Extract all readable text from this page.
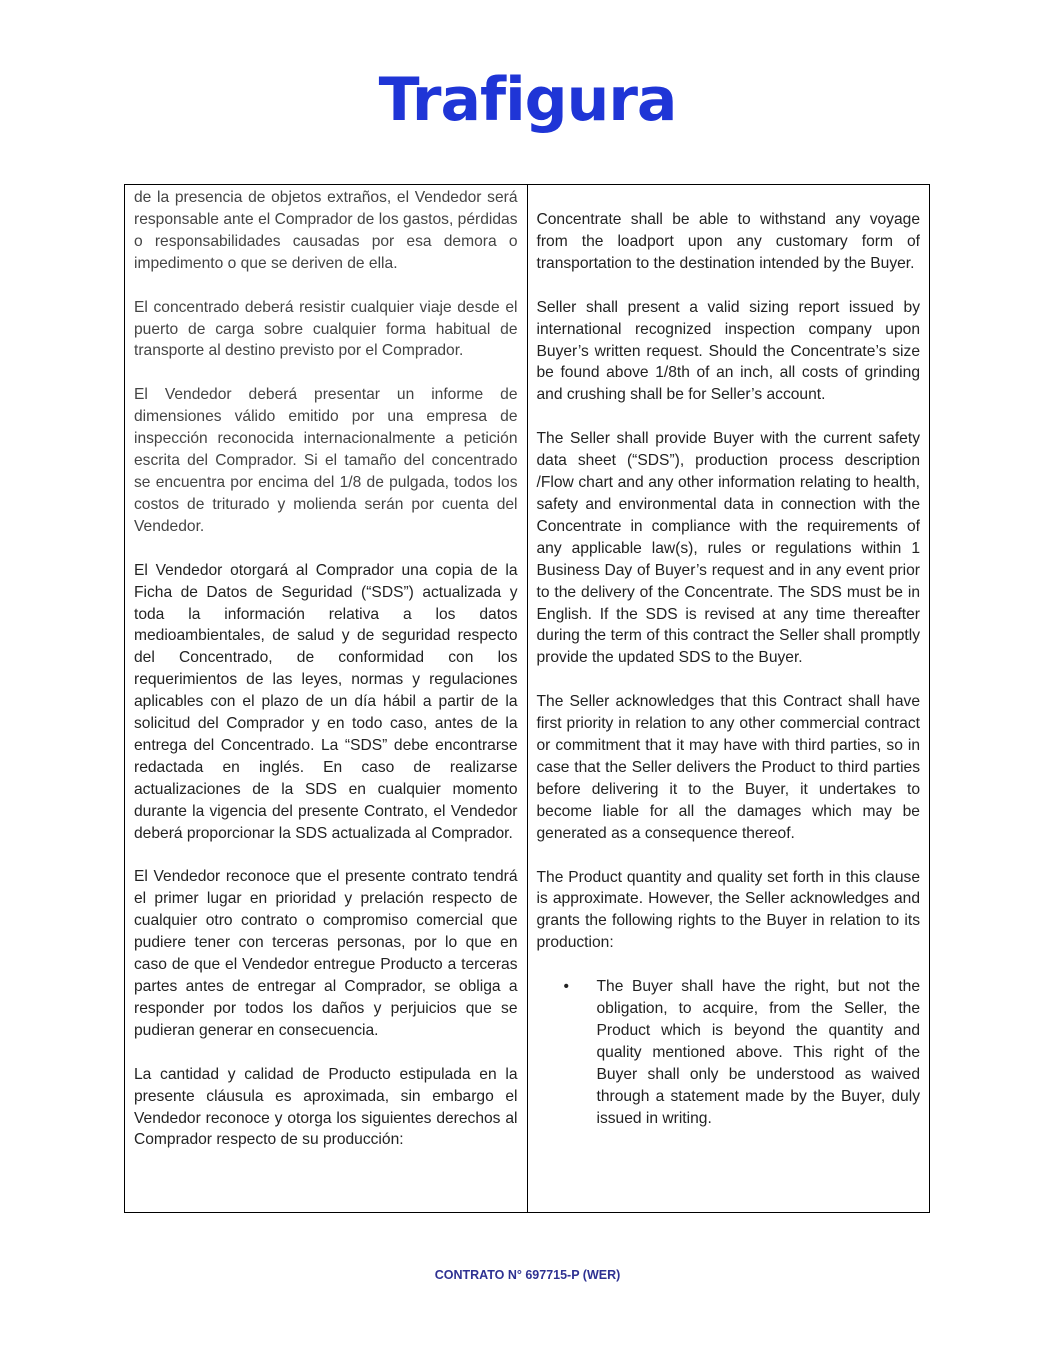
Trafigura

de la presencia de objetos extraños, el Vendedor será responsable ante el Comprador de los gastos, pérdidas o responsabilidades causadas por esa demora o impedimento o que se deriven de ella.

El concentrado deberá resistir cualquier viaje desde el puerto de carga sobre cualquier forma habitual de transporte al destino previsto por el Comprador.

El Vendedor deberá presentar un informe de dimensiones válido emitido por una empresa de inspección reconocida internacionalmente a petición escrita del Comprador. Si el tamaño del concentrado se encuentra por encima del 1/8 de pulgada, todos los costos de triturado y molienda serán por cuenta del Vendedor.

El Vendedor otorgará al Comprador una copia de la Ficha de Datos de Seguridad (“SDS”) actualizada y toda la información relativa a los datos medioambientales, de salud y de seguridad respecto del Concentrado, de conformidad con los requerimientos de las leyes, normas y regulaciones aplicables con el plazo de un día hábil a partir de la solicitud del Comprador y en todo caso, antes de la entrega del Concentrado. La “SDS” debe encontrarse redactada en inglés. En caso de realizarse actualizaciones de la SDS en cualquier momento durante la vigencia del presente Contrato, el Vendedor deberá proporcionar la SDS actualizada al Comprador.

El Vendedor reconoce que el presente contrato tendrá el primer lugar en prioridad y prelación respecto de cualquier otro contrato o compromiso comercial que pudiere tener con terceras personas, por lo que en caso de que el Vendedor entregue Producto a terceras partes antes de entregar al Comprador, se obliga a responder por todos los daños y perjuicios que se pudieran generar en consecuencia.

La cantidad y calidad de Producto estipulada en la presente cláusula es aproximada, sin embargo el Vendedor reconoce y otorga los siguientes derechos al Comprador respecto de su producción:

Concentrate shall be able to withstand any voyage from the loadport upon any customary form of transportation to the destination intended by the Buyer.

Seller shall present a valid sizing report issued by international recognized inspection company upon Buyer’s written request. Should the Concentrate’s size be found above 1/8th of an inch, all costs of grinding and crushing shall be for Seller’s account.

The Seller shall provide Buyer with the current safety data sheet (“SDS”), production process description /Flow chart and any other information relating to health, safety and environmental data in connection with the Concentrate in compliance with the requirements of any applicable law(s), rules or regulations within 1 Business Day of Buyer’s request and in any event prior to the delivery of the Concentrate. The SDS must be in English. If the SDS is revised at any time thereafter during the term of this contract the Seller shall promptly provide the updated SDS to the Buyer.

The Seller acknowledges that this Contract shall have first priority in relation to any other commercial contract or commitment that it may have with third parties, so in case that the Seller delivers the Product to third parties before delivering it to the Buyer, it undertakes to become liable for all the damages which may be generated as a consequence thereof.

The Product quantity and quality set forth in this clause is approximate. However, the Seller acknowledges and grants the following rights to the Buyer in relation to its production:

• The Buyer shall have the right, but not the obligation, to acquire, from the Seller, the Product which is beyond the quantity and quality mentioned above. This right of the Buyer shall only be understood as waived through a statement made by the Buyer, duly issued in writing.
CONTRATO N° 697715-P (WER)
